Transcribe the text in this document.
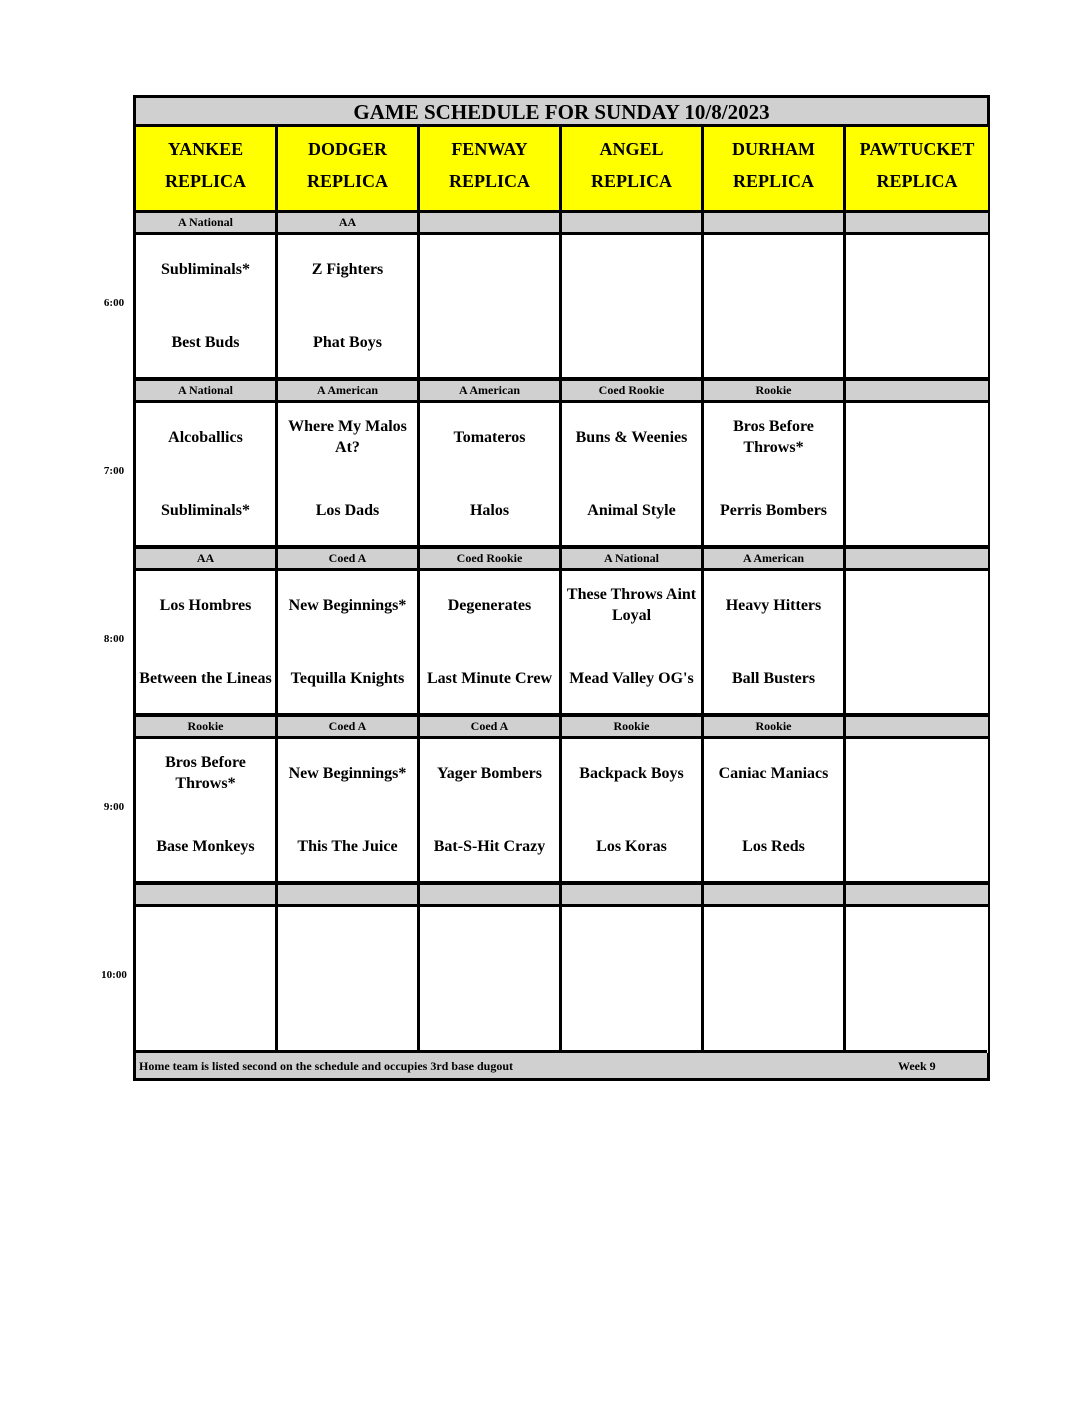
6:00
7:00
8:00
9:00
10:00
GAME SCHEDULE FOR SUNDAY 10/8/2023
YANKEE
REPLICA
DODGER
REPLICA
FENWAY
REPLICA
ANGEL
REPLICA
DURHAM
REPLICA
PAWTUCKET
REPLICA
A National
Subliminals*
Best Buds
AA
Z Fighters
Phat Boys
A National
Alcoballics
Subliminals*
A American
Where My Malos At?
Los Dads
A American
Tomateros
Halos
Coed Rookie
Buns & Weenies
Animal Style
Rookie
Bros Before Throws*
Perris Bombers
AA
Los Hombres
Between the Lineas
Coed A
New Beginnings*
Tequilla Knights
Coed Rookie
Degenerates
Last Minute Crew
A National
These Throws Aint Loyal
Mead Valley OG's
A American
Heavy Hitters
Ball Busters
Rookie
Bros Before Throws*
Base Monkeys
Coed A
New Beginnings*
This The Juice
Coed A
Yager Bombers
Bat-S-Hit Crazy
Rookie
Backpack Boys
Los Koras
Rookie
Caniac Maniacs
Los Reds
Home team is listed second on the schedule and occupies 3rd base dugout	Week 9
